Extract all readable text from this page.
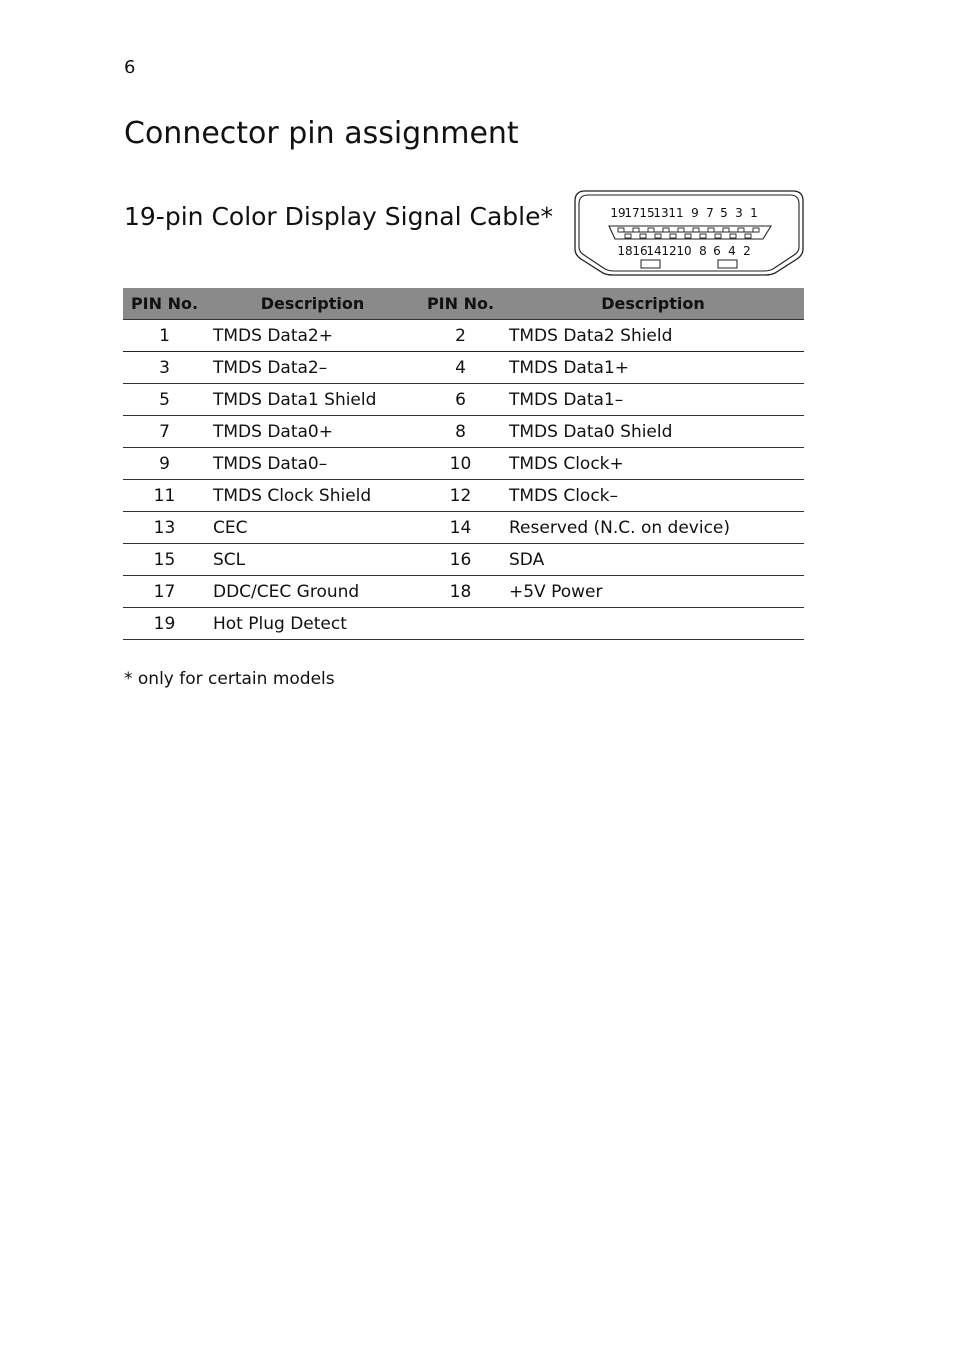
6
Connector pin assignment
19-pin Color Display Signal Cable*	19
17 15
13 11 9 7 5 3 1
18 16
14 12 10 8 6 4 2
PIN No.	Description	PIN No.	Description
1	TMDS Data2+	2	TMDS Data2 Shield
3	TMDS Data2–	4	TMDS Data1+
5	TMDS Data1 Shield	6	TMDS Data1–
7	TMDS Data0+	8	TMDS Data0 Shield
9	TMDS Data0–	10	TMDS Clock+
11	TMDS Clock Shield	12	TMDS Clock–
13	CEC	14	Reserved (N.C. on device)
15	SCL	16	SDA
17	DDC/CEC Ground	18	+5V Power
19	Hot Plug Detect		
* only for certain models
